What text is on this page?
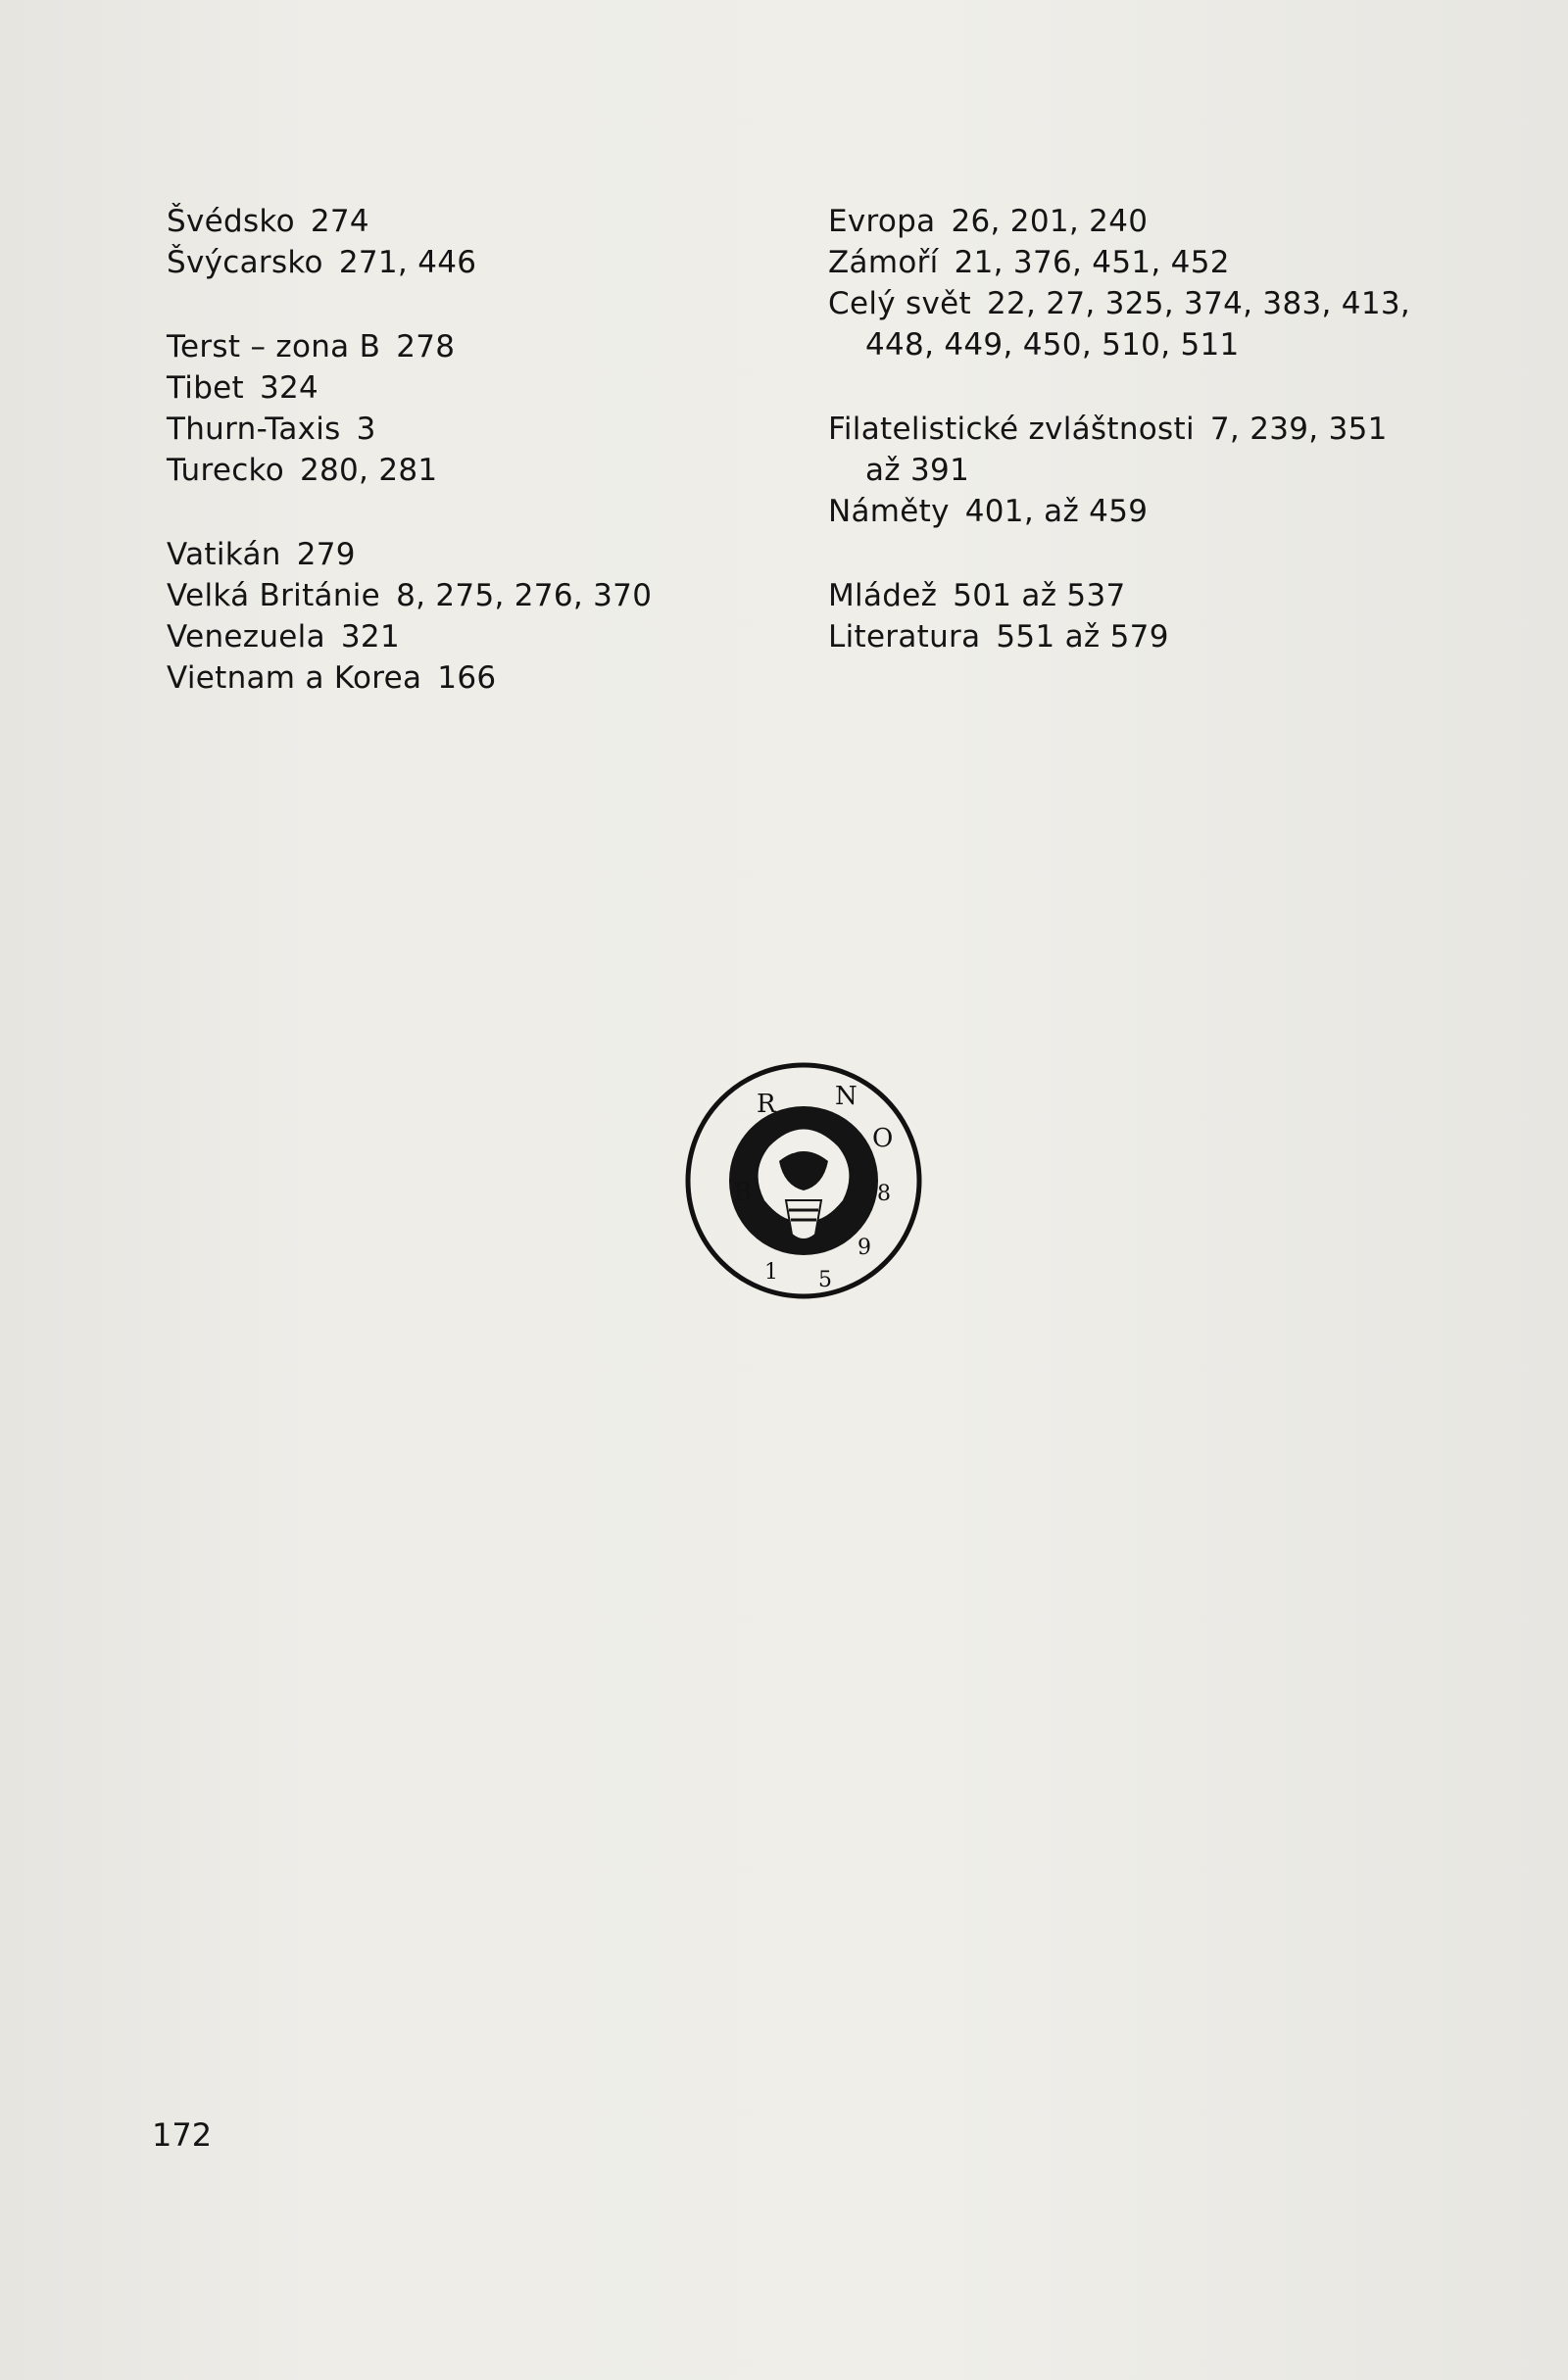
Švédsko 274
Švýcarsko 271, 446
Terst – zona B 278
Tibet 324
Thurn-Taxis 3
Turecko 280, 281
Vatikán 279
Velká Británie 8, 275, 276, 370
Venezuela 321
Vietnam a Korea 166
Evropa 26, 201, 240
Zámoří 21, 376, 451, 452
Celý svět 22, 27, 325, 374, 383, 413,
448, 449, 450, 510, 511
Filatelistické zvláštnosti 7, 239, 351
až 391
Náměty 401, až 459
Mládež 501 až 537
Literatura 551 až 579
B
R N
O
8
9
5
1
172
